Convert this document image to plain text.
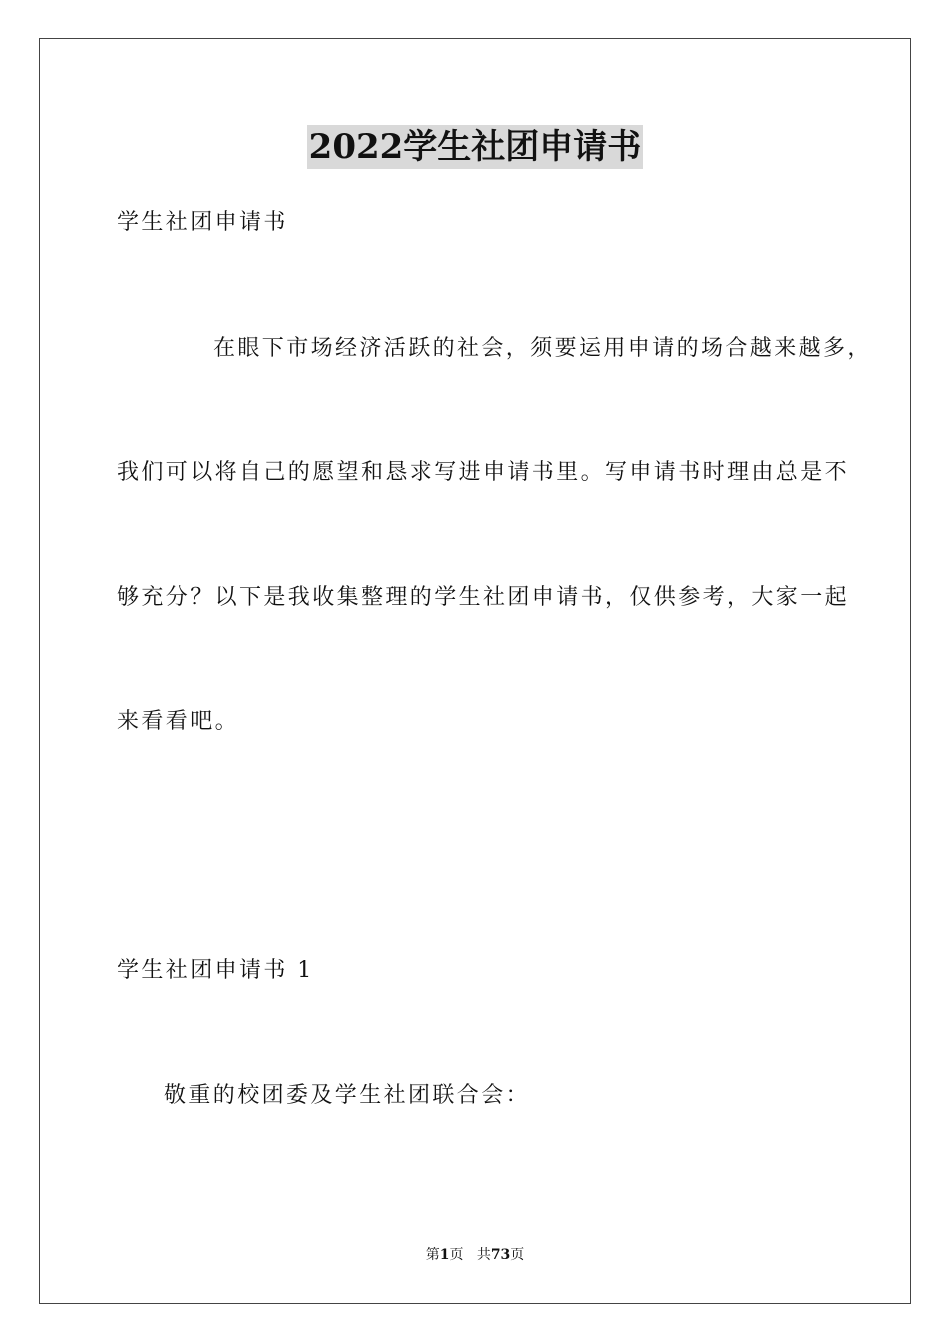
2022学生社团申请书
学生社团申请书
在眼下市场经济活跃的社会，须要运用申请的场合越来越多，
我们可以将自己的愿望和恳求写进申请书里。写申请书时理由总是不
够充分？以下是我收集整理的学生社团申请书，仅供参考，大家一起
来看看吧。
学生社团申请书 1
敬重的校团委及学生社团联合会：
第1页 共73页
